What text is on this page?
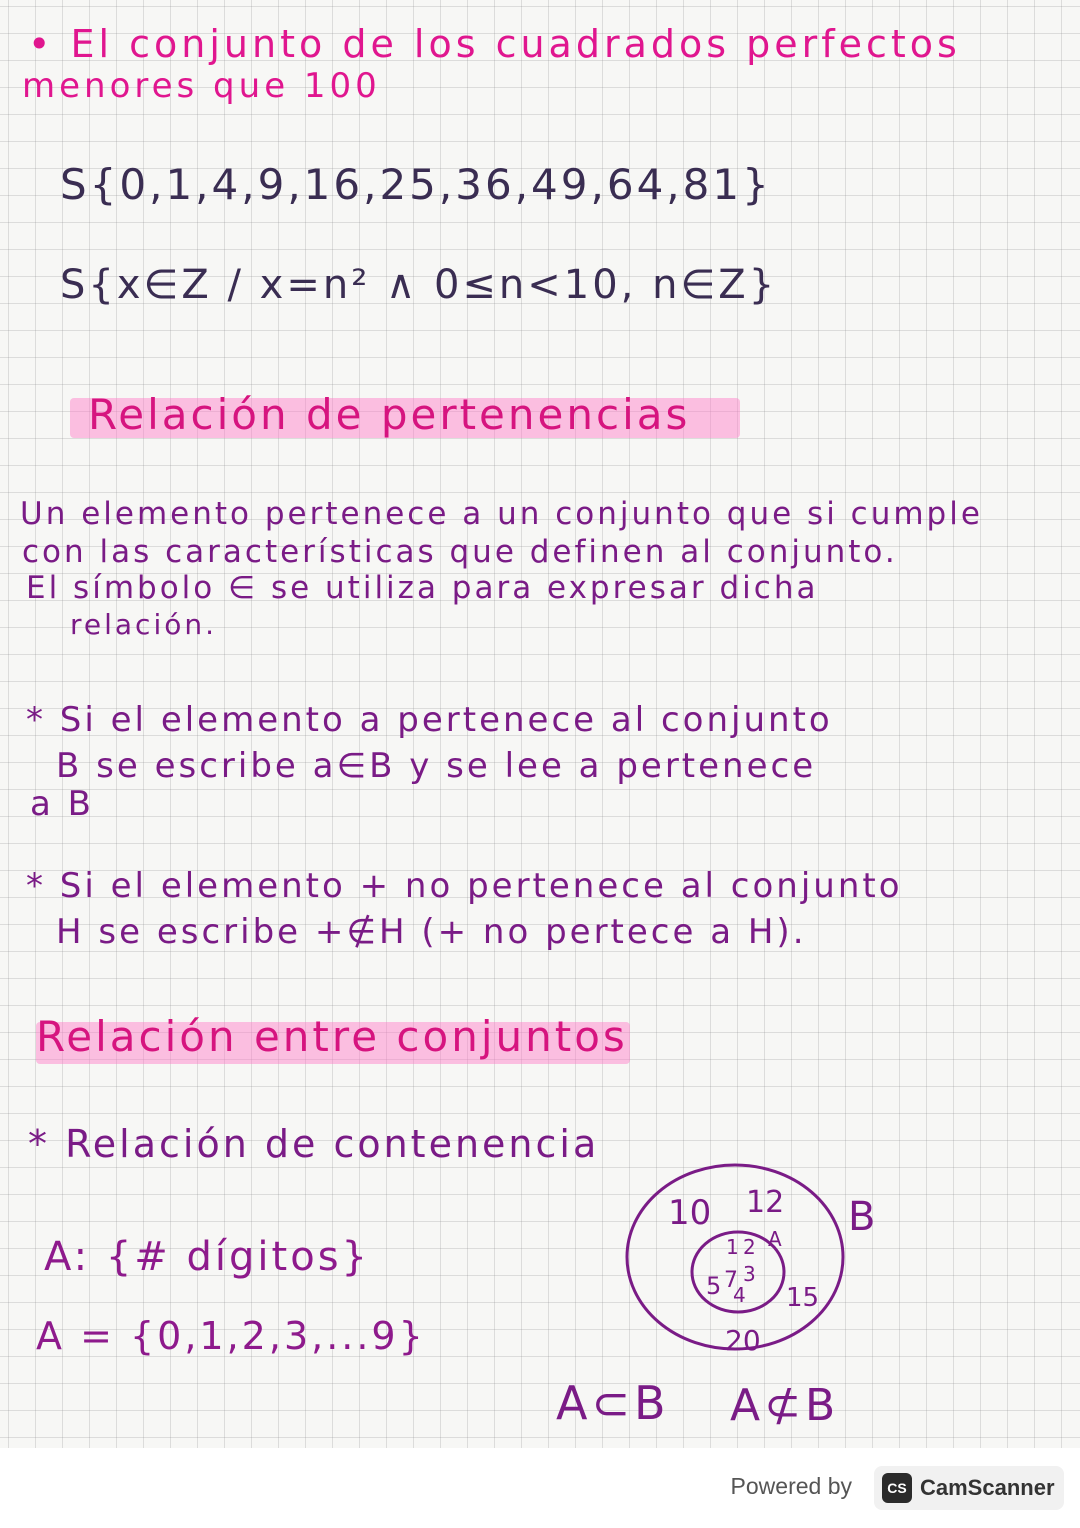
• El conjunto de los cuadrados perfectos
menores que 100
S{0,1,4,9,16,25,36,49,64,81}
S{x∈Z / x=n² ∧ 0≤n<10, n∈Z}
Relación de pertenencias
Un elemento pertenece a un conjunto que si cumple
con las características que definen al conjunto.
El símbolo ∈ se utiliza para expresar dicha
relación.
* Si el elemento a pertenece al conjunto
B se escribe a∈B y se lee a pertenece
a B
* Si el elemento + no pertenece al conjunto
H se escribe +∉H (+ no pertece a H).
Relación entre conjuntos
* Relación de contenencia
A: {# dígitos}
A = {0,1,2,3,...9}
10 12
15
20
A
1 2
5 7 3
4
B
A⊂B A⊄B
Powered by	CS CamScanner
